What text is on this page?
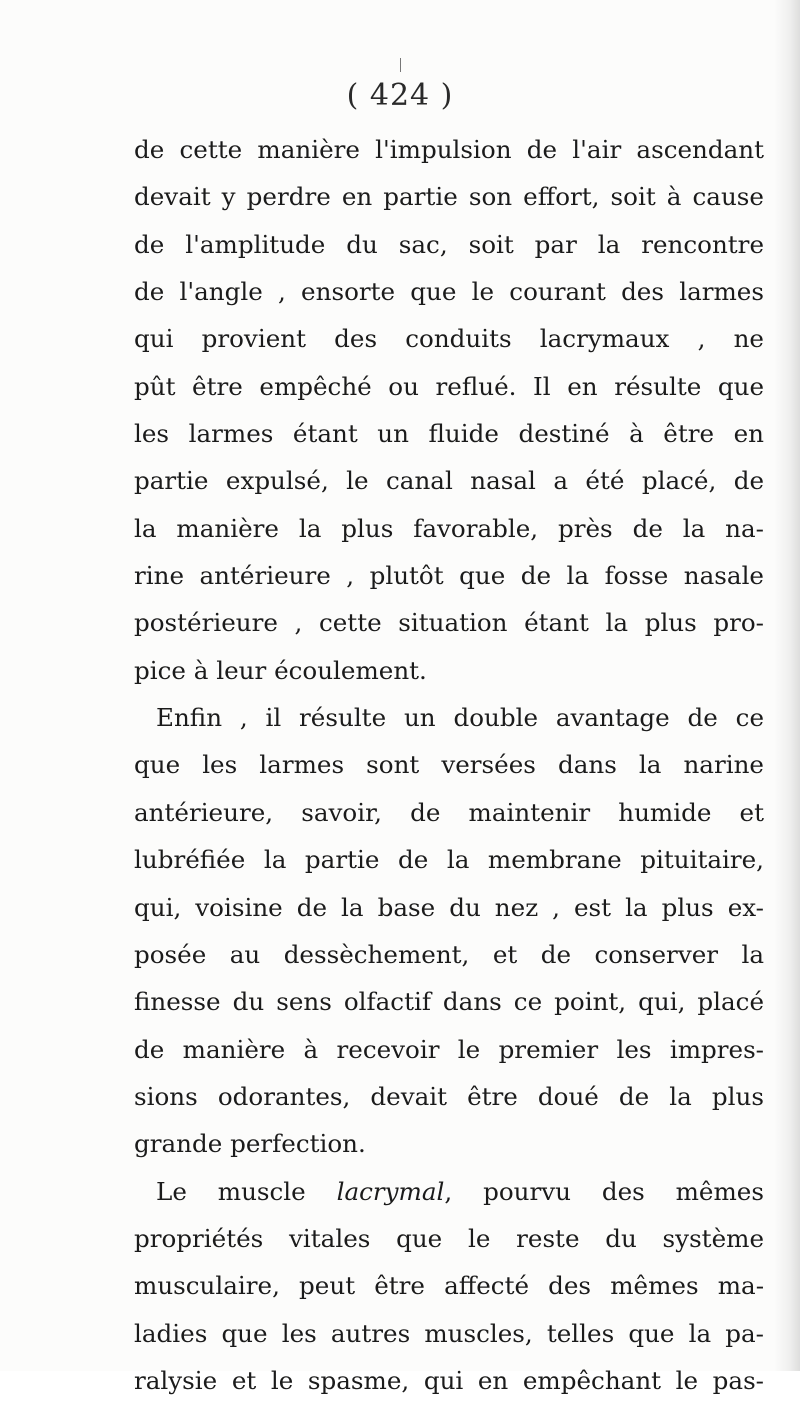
( 424 )
de cette manière l'impulsion de l'air ascendant
devait y perdre en partie son effort, soit à cause
de l'amplitude du sac, soit par la rencontre
de l'angle , ensorte que le courant des larmes
qui provient des conduits lacrymaux , ne
pût être empêché ou reflué. Il en résulte que
les larmes étant un fluide destiné à être en
partie expulsé, le canal nasal a été placé, de
la manière la plus favorable, près de la na-
rine antérieure , plutôt que de la fosse nasale
postérieure , cette situation étant la plus pro-
pice à leur écoulement.
Enfin , il résulte un double avantage de ce
que les larmes sont versées dans la narine
antérieure, savoir, de maintenir humide et
lubréfiée la partie de la membrane pituitaire,
qui, voisine de la base du nez , est la plus ex-
posée au dessèchement, et de conserver la
finesse du sens olfactif dans ce point, qui, placé
de manière à recevoir le premier les impres-
sions odorantes, devait être doué de la plus
grande perfection.
Le muscle lacrymal, pourvu des mêmes
propriétés vitales que le reste du système
musculaire, peut être affecté des mêmes ma-
ladies que les autres muscles, telles que la pa-
ralysie et le spasme, qui en empêchant le pas-
